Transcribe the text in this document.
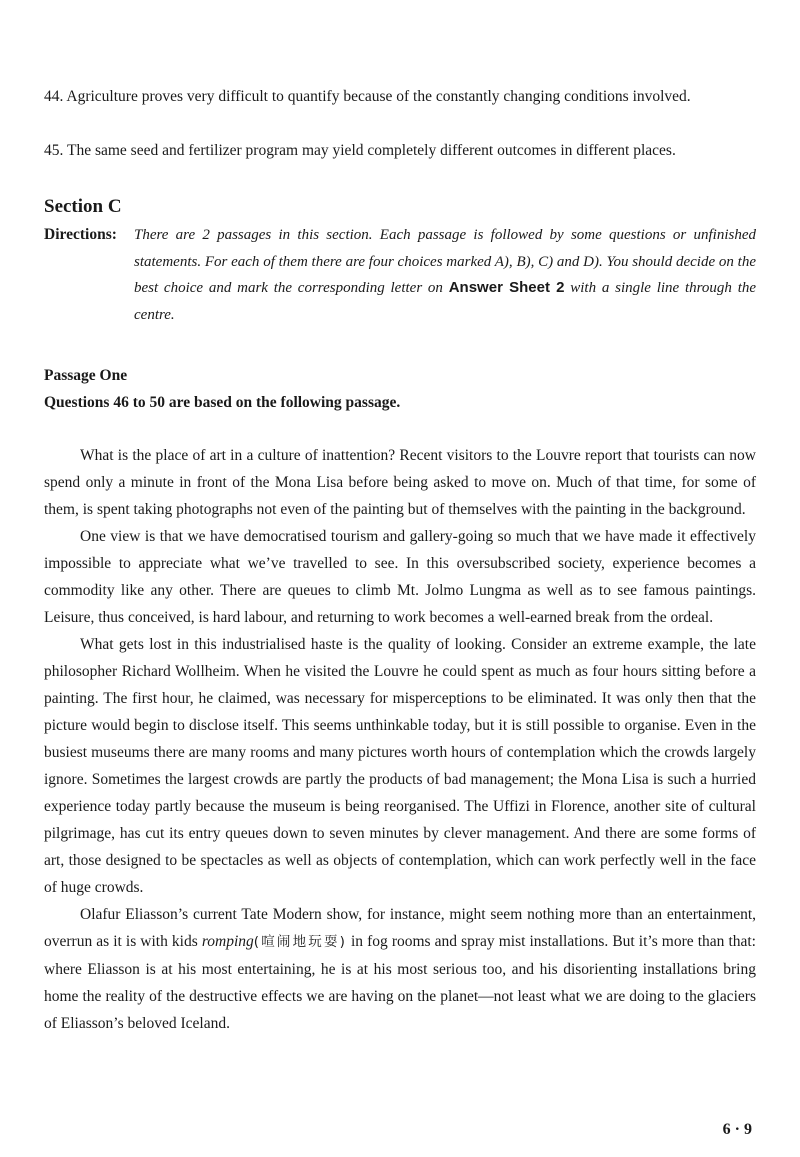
44. Agriculture proves very difficult to quantify because of the constantly changing conditions involved.

45. The same seed and fertilizer program may yield completely different outcomes in different places.

Section C
Directions: There are 2 passages in this section. Each passage is followed by some questions or unfinished statements. For each of them there are four choices marked A), B), C) and D). You should decide on the best choice and mark the corresponding letter on Answer Sheet 2 with a single line through the centre.
Passage One
Questions 46 to 50 are based on the following passage.

What is the place of art in a culture of inattention? Recent visitors to the Louvre report that tourists can now spend only a minute in front of the Mona Lisa before being asked to move on. Much of that time, for some of them, is spent taking photographs not even of the painting but of themselves with the painting in the background.

One view is that we have democratised tourism and gallery-going so much that we have made it effectively impossible to appreciate what we’ve travelled to see. In this oversubscribed society, experience becomes a commodity like any other. There are queues to climb Mt. Jolmo Lungma as well as to see famous paintings. Leisure, thus conceived, is hard labour, and returning to work becomes a well-earned break from the ordeal.

What gets lost in this industrialised haste is the quality of looking. Consider an extreme example, the late philosopher Richard Wollheim. When he visited the Louvre he could spent as much as four hours sitting before a painting. The first hour, he claimed, was necessary for misperceptions to be eliminated. It was only then that the picture would begin to disclose itself. This seems unthinkable today, but it is still possible to organise. Even in the busiest museums there are many rooms and many pictures worth hours of contemplation which the crowds largely ignore. Sometimes the largest crowds are partly the products of bad management; the Mona Lisa is such a hurried experience today partly because the museum is being reorganised. The Uffizi in Florence, another site of cultural pilgrimage, has cut its entry queues down to seven minutes by clever management. And there are some forms of art, those designed to be spectacles as well as objects of contemplation, which can work perfectly well in the face of huge crowds.

Olafur Eliasson’s current Tate Modern show, for instance, might seem nothing more than an entertainment, overrun as it is with kids romping(喧闹地玩耍) in fog rooms and spray mist installations. But it’s more than that: where Eliasson is at his most entertaining, he is at his most serious too, and his disorienting installations bring home the reality of the destructive effects we are having on the planet—not least what we are doing to the glaciers of Eliasson’s beloved Iceland.

6 · 9
